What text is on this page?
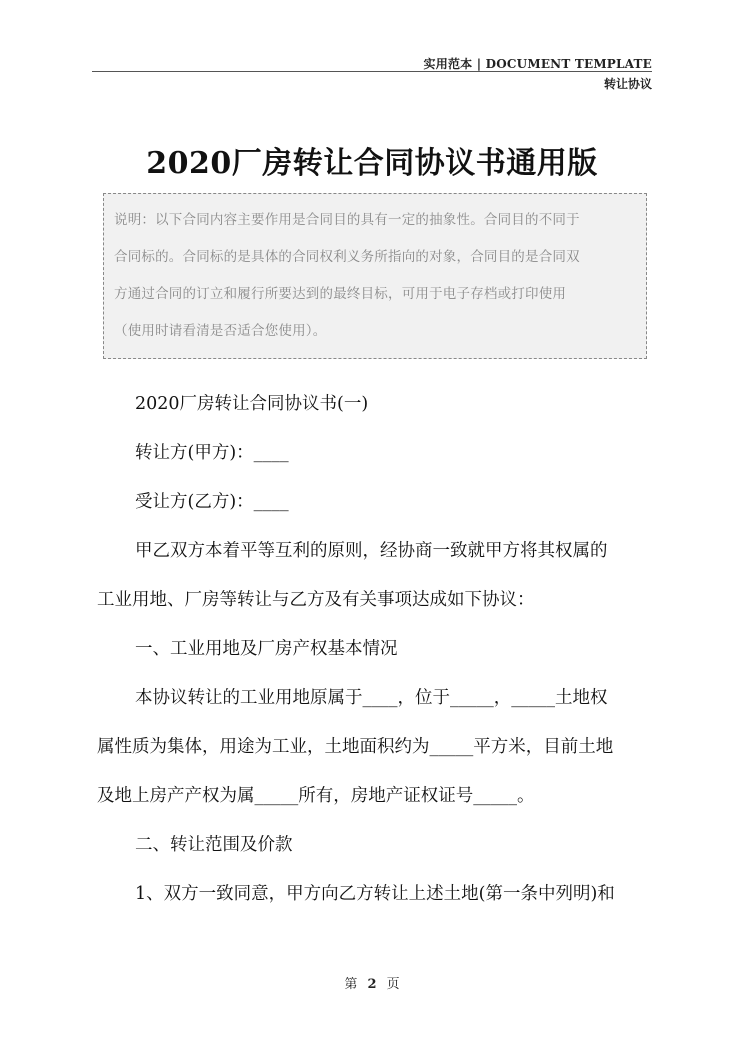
实用范本 | DOCUMENT TEMPLATE
转让协议
2020厂房转让合同协议书通用版
说明：以下合同内容主要作用是合同目的具有一定的抽象性。合同目的不同于
合同标的。合同标的是具体的合同权利义务所指向的对象，合同目的是合同双
方通过合同的订立和履行所要达到的最终目标，可用于电子存档或打印使用
（使用时请看清是否适合您使用）。
2020厂房转让合同协议书(一)
转让方(甲方)：____
受让方(乙方)：____
甲乙双方本着平等互利的原则，经协商一致就甲方将其权属的
工业用地、厂房等转让与乙方及有关事项达成如下协议：
一、工业用地及厂房产权基本情况
本协议转让的工业用地原属于____，位于_____，_____土地权
属性质为集体，用途为工业，土地面积约为_____平方米，目前土地
及地上房产产权为属_____所有，房地产证权证号_____。
二、转让范围及价款
1、双方一致同意，甲方向乙方转让上述土地(第一条中列明)和
第 2 页
